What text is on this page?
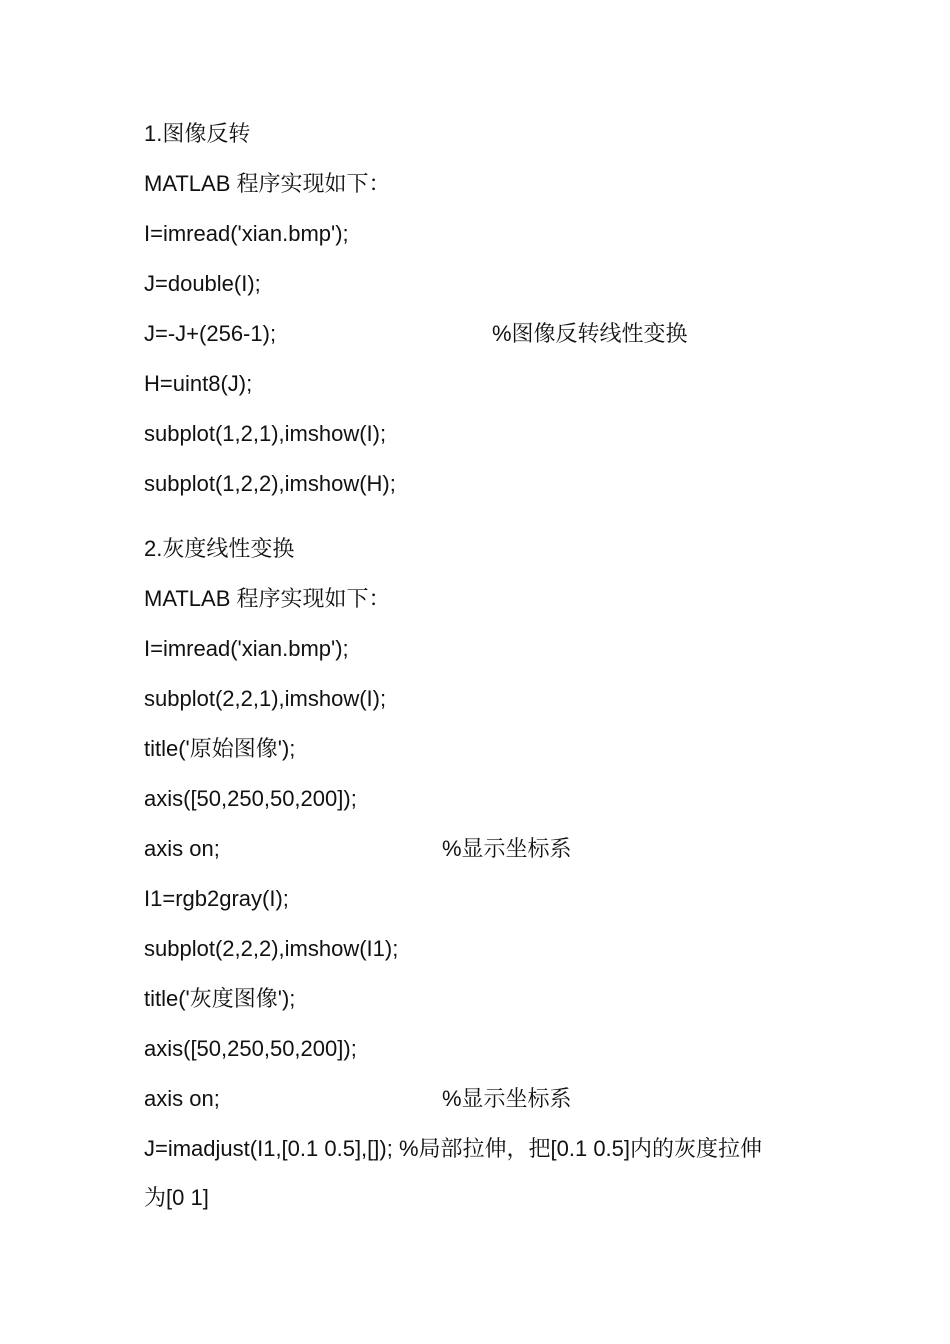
1.图像反转
MATLAB 程序实现如下：
I=imread('xian.bmp');
J=double(I);
J=-J+(256-1);	%图像反转线性变换
H=uint8(J);
subplot(1,2,1),imshow(I);
subplot(1,2,2),imshow(H);
2.灰度线性变换
MATLAB 程序实现如下：
I=imread('xian.bmp');
subplot(2,2,1),imshow(I);
title('原始图像');
axis([50,250,50,200]);
axis on;	%显示坐标系
I1=rgb2gray(I);
subplot(2,2,2),imshow(I1);
title('灰度图像');
axis([50,250,50,200]);
axis on;	%显示坐标系
J=imadjust(I1,[0.1 0.5],[]); %局部拉伸，把[0.1 0.5]内的灰度拉伸
为[0 1]
